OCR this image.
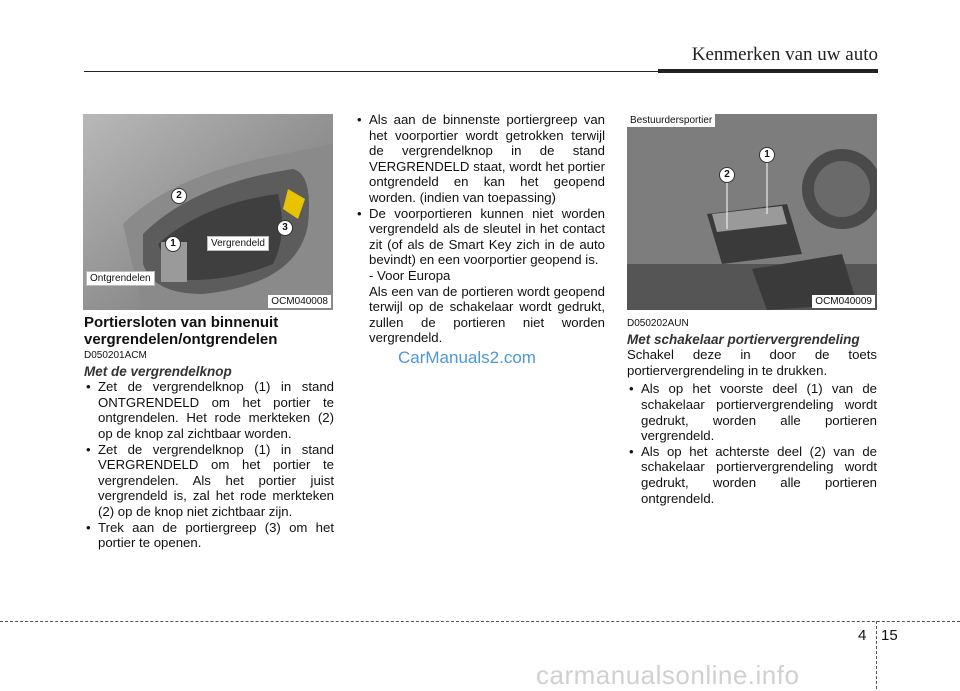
Kenmerken van uw auto
Ontgrendelen
Vergrendeld
1
2
3
OCM040008

Portiersloten van binnenuit vergrendelen/ontgrendelen

D050201ACM

Met de vergrendelknop

• Zet de vergrendelknop (1) in stand ONTGRENDELD om het portier te ontgrendelen. Het rode merkteken (2) op de knop zal zichtbaar worden.

• Zet de vergrendelknop (1) in stand VERGRENDELD om het portier te vergrendelen. Als het portier juist vergrendeld is, zal het rode merkteken (2) op de knop niet zichtbaar zijn.

• Trek aan de portiergreep (3) om het portier te openen.

• Als aan de binnenste portiergreep van het voorportier wordt getrokken terwijl de vergrendelknop in de stand VERGRENDELD staat, wordt het portier ontgrendeld en kan het geopend worden. (indien van toepassing)

• De voorportieren kunnen niet worden vergrendeld als de sleutel in het contact zit (of als de Smart Key zich in de auto bevindt) en een voorportier geopend is.

- Voor Europa

Als een van de portieren wordt geopend terwijl op de schakelaar wordt gedrukt, zullen de portieren niet worden vergrendeld.

CarManuals2.com
Bestuurdersportier
1
2
OCM040009

D050202AUN

Met schakelaar portiervergrendeling

Schakel deze in door de toets portiervergrendeling in te drukken.

• Als op het voorste deel (1) van de schakelaar portiervergrendeling wordt gedrukt, worden alle portieren vergrendeld.

• Als op het achterste deel (2) van de schakelaar portiervergrendeling wordt gedrukt, worden alle portieren ontgrendeld.

4 15
carmanualsonline.info
